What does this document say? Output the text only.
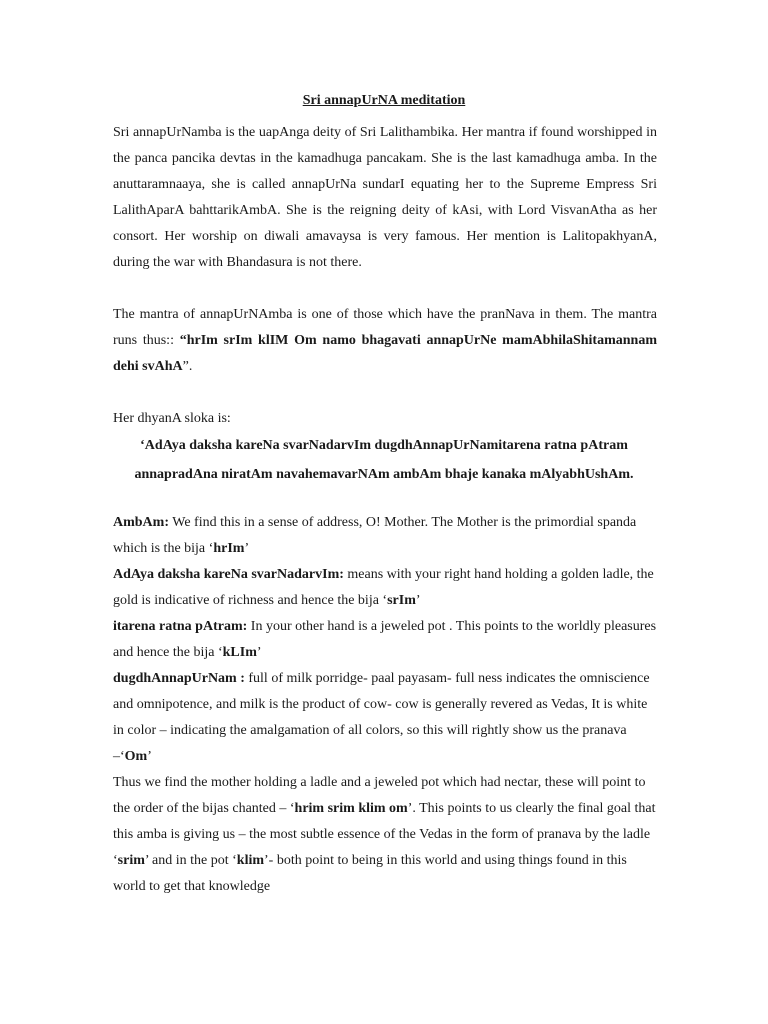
Sri annapUrNA meditation
Sri annapUrNamba is the uapAnga deity of Sri Lalithambika. Her mantra if found worshipped in the panca pancika devtas in the kamadhuga pancakam. She is the last kamadhuga amba. In the anuttaramnaaya, she is called annapUrNa sundarI equating her to the Supreme Empress Sri LalithAparA bahttarikAmbA. She is the reigning deity of kAsi, with Lord VisvanAtha as her consort. Her worship on diwali amavaysa is very famous. Her mention is LalitopakhyanA, during the war with Bhandasura is not there.
The mantra of annapUrNAmba is one of those which have the pranNava in them. The mantra runs thus:: “hrIm srIm klIM Om namo bhagavati annapUrNe mamAbhilaShitamannam dehi svAhA”.
Her dhyanA sloka is:
‘AdAya daksha kareNa svarNadarvIm dugdhAnnapUrNamitarena ratna pAtram annapradAna niratAm navahemavarNAm ambAm bhaje kanaka mAlyabhUshAm.

AmbAm: We find this in a sense of address, O! Mother. The Mother is the primordial spanda which is the bija ‘hrIm’

AdAya daksha kareNa svarNadarvIm: means with your right hand holding a golden ladle, the gold is indicative of richness and hence the bija ‘srIm’

itarena ratna pAtram: In your other hand is a jeweled pot . This points to the worldly pleasures and hence the bija ‘kLIm’

dugdhAnnapUrNam : full of milk porridge- paal payasam- full ness indicates the omniscience and omnipotence, and milk is the product of cow- cow is generally revered as Vedas, It is white in color – indicating the amalgamation of all colors, so this will rightly show us the pranava –‘Om’

Thus we find the mother holding a ladle and a jeweled pot which had nectar, these will point to the order of the bijas chanted – ‘hrim srim klim om’. This points to us clearly the final goal that this amba is giving us – the most subtle essence of the Vedas in the form of pranava by the ladle ‘srim’ and in the pot ‘klim’- both point to being in this world and using things found in this world to get that knowledge
